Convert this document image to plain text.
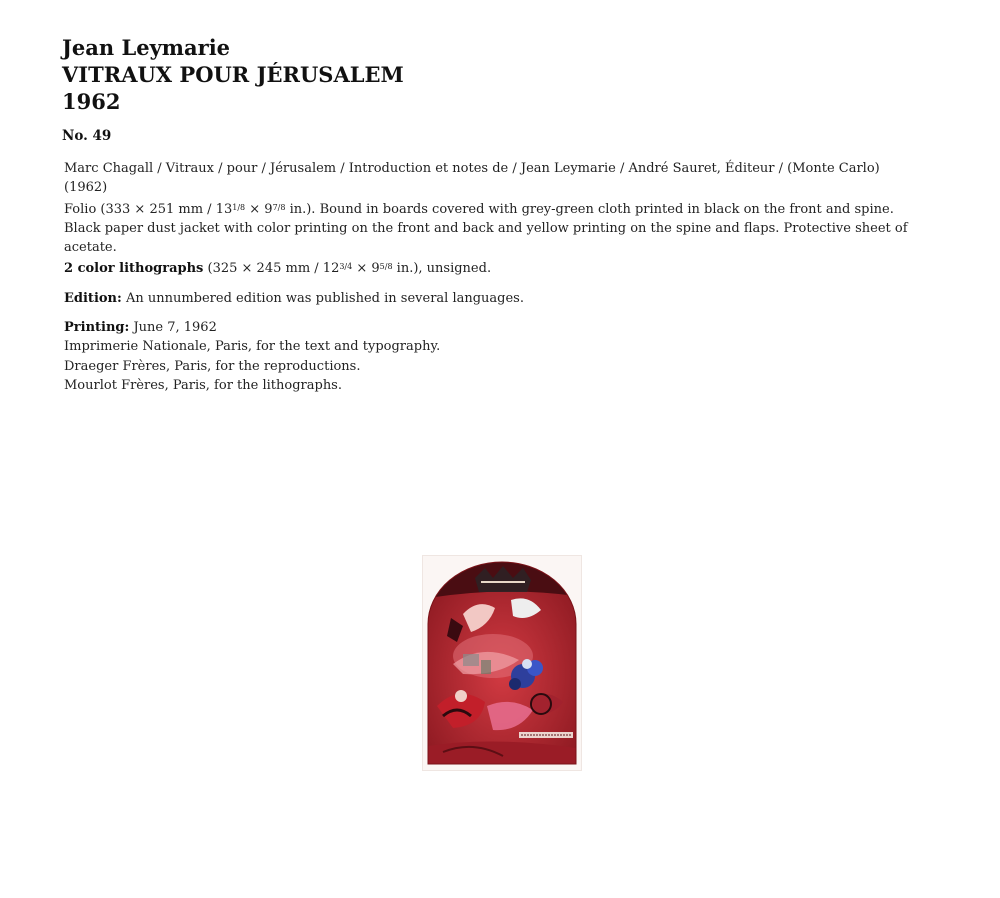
Jean Leymarie
VITRAUX POUR JÉRUSALEM
1962
No. 49

Marc Chagall / Vitraux / pour / Jérusalem / Introduction et notes de / Jean Leymarie / André Sauret, Éditeur / (Monte Carlo) (1962)

Folio (333 × 251 mm / $13^{1/8} \times 9^{7/8}$ in.). Bound in boards covered with grey-green cloth printed in black on the front and spine. Black paper dust jacket with color printing on the front and back and yellow printing on the spine and flaps. Protective sheet of acetate.

2 color lithographs (325 × 245 mm / $12^{3/4} \times 9^{5/8}$ in.), unsigned.

Edition: An unnumbered edition was published in several languages.

Printing: June 7, 1962

Imprimerie Nationale, Paris, for the text and typography.

Draeger Frères, Paris, for the reproductions.

Mourlot Frères, Paris, for the lithographs.
